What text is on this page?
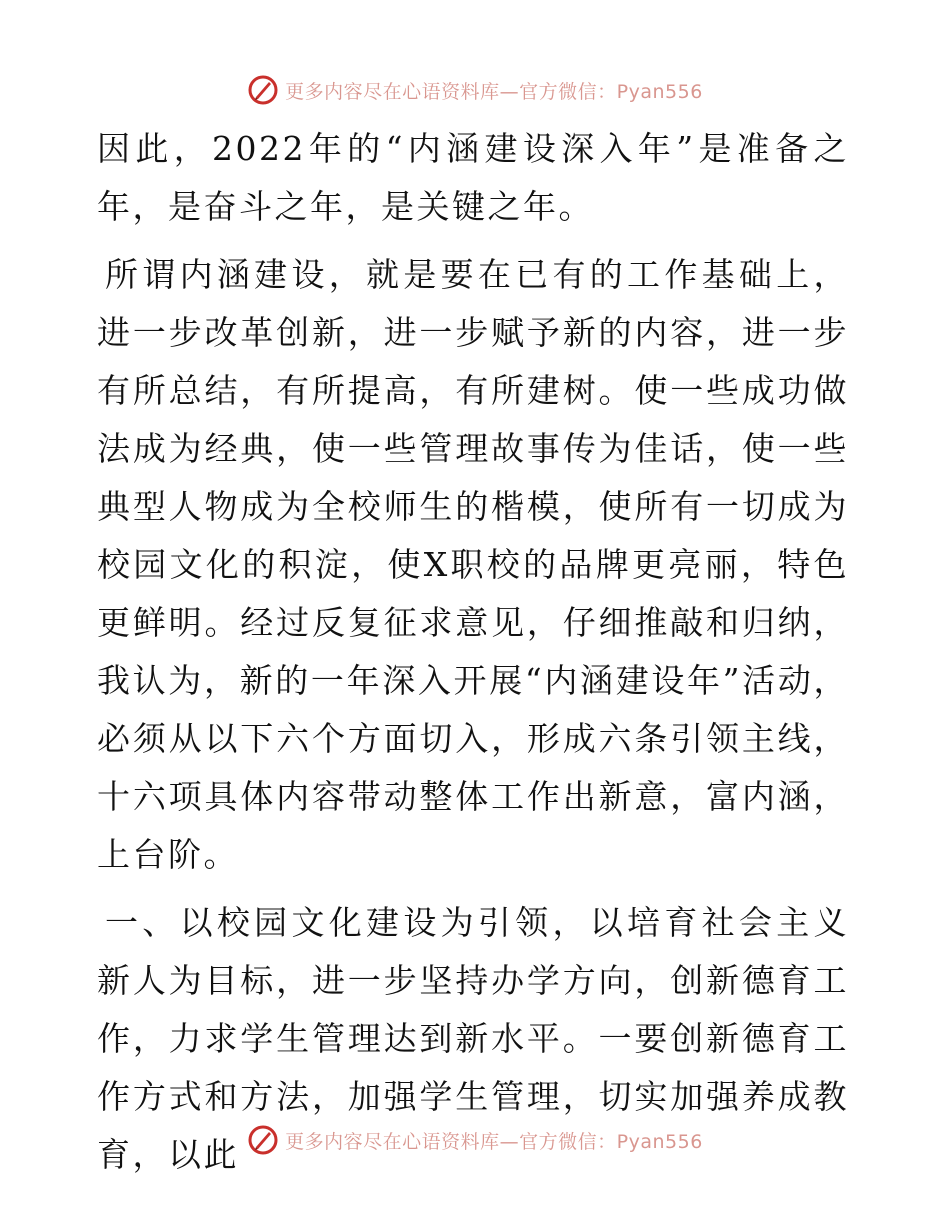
更多内容尽在心语资料库—官方微信：Pyan556

因此，2022年的“内涵建设深入年”是准备之年，是奋斗之年，是关键之年。

所谓内涵建设，就是要在已有的工作基础上，进一步改革创新，进一步赋予新的内容，进一步有所总结，有所提高，有所建树。使一些成功做法成为经典，使一些管理故事传为佳话，使一些典型人物成为全校师生的楷模，使所有一切成为校园文化的积淀，使X职校的品牌更亮丽，特色更鲜明。经过反复征求意见，仔细推敲和归纳，我认为，新的一年深入开展“内涵建设年”活动，必须从以下六个方面切入，形成六条引领主线，十六项具体内容带动整体工作出新意，富内涵，上台阶。

一、以校园文化建设为引领，以培育社会主义新人为目标，进一步坚持办学方向，创新德育工作，力求学生管理达到新水平。一要创新德育工作方式和方法，加强学生管理，切实加强养成教育，以此	更多内容尽在心语资料库—官方微信：Pyan556
